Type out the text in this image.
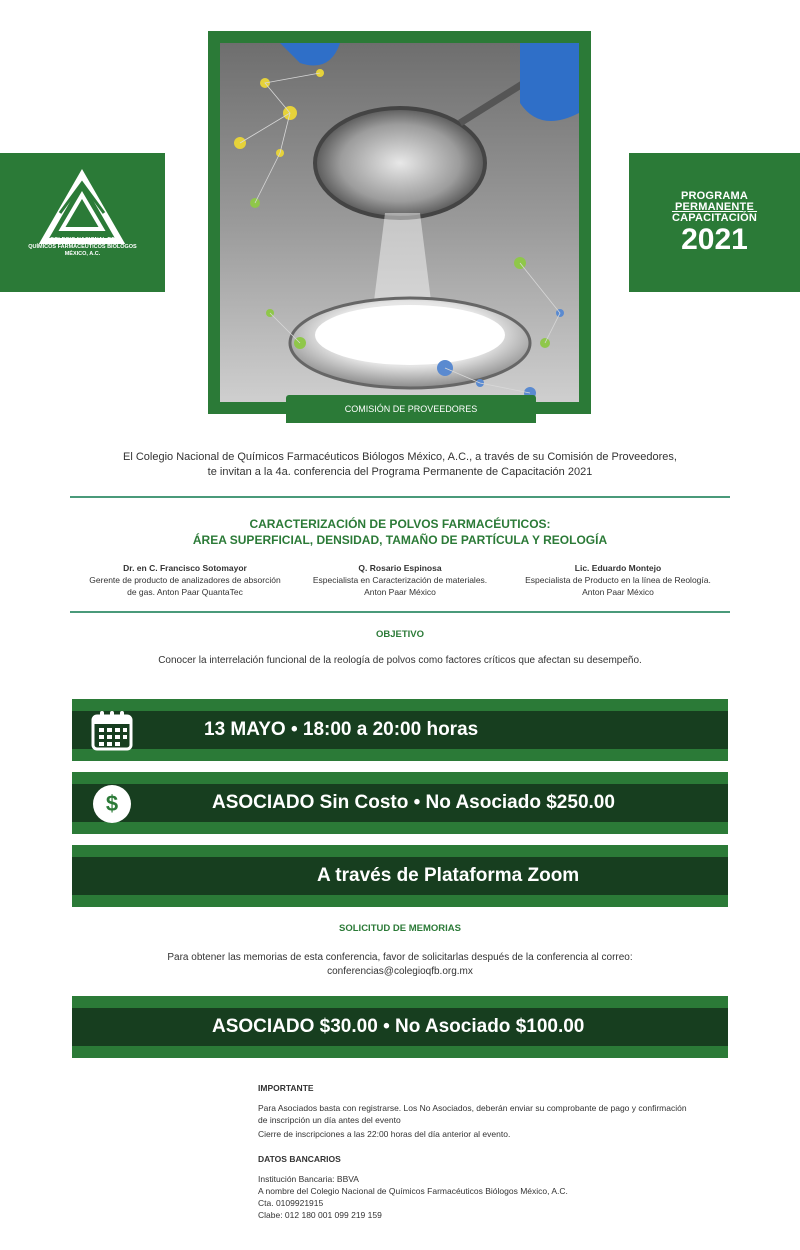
COLEGIO NACIONAL DE
QUÍMICOS FARMACÉUTICOS BIÓLOGOS
MÉXICO, A.C.
COMISIÓN DE PROVEEDORES
PROGRAMA
PERMANENTE
CAPACITACIÓN
2021
El Colegio Nacional de Químicos Farmacéuticos Biólogos México, A.C., a través de su Comisión de Proveedores,
te invitan a la 4a. conferencia del Programa Permanente de Capacitación 2021
CARACTERIZACIÓN DE POLVOS FARMACÉUTICOS:
ÁREA SUPERFICIAL, DENSIDAD, TAMAÑO DE PARTÍCULA Y REOLOGÍA
Dr. en C. Francisco Sotomayor
Gerente de producto de analizadores de absorción
de gas. Anton Paar QuantaTec
Q. Rosario Espinosa
Especialista en Caracterización de materiales.
Anton Paar México
Lic. Eduardo Montejo
Especialista de Producto en la línea de Reología.
Anton Paar México
OBJETIVO
Conocer la interrelación funcional de la reología de polvos como factores críticos que afectan su desempeño.
13 MAYO • 18:00 a 20:00 horas
$	ASOCIADO Sin Costo • No Asociado $250.00
A través de Plataforma Zoom
SOLICITUD DE MEMORIAS
Para obtener las memorias de esta conferencia, favor de solicitarlas después de la conferencia al correo:
conferencias@colegioqfb.org.mx
ASOCIADO $30.00 • No Asociado $100.00
IMPORTANTE
Para Asociados basta con registrarse. Los No Asociados, deberán enviar su comprobante de pago y confirmación
de inscripción un día antes del evento
Cierre de inscripciones a las 22:00 horas del día anterior al evento.
DATOS BANCARIOS
Institución Bancaria: BBVA
A nombre del Colegio Nacional de Químicos Farmacéuticos Biólogos México, A.C.
Cta. 0109921915
Clabe: 012 180 001 099 219 159
